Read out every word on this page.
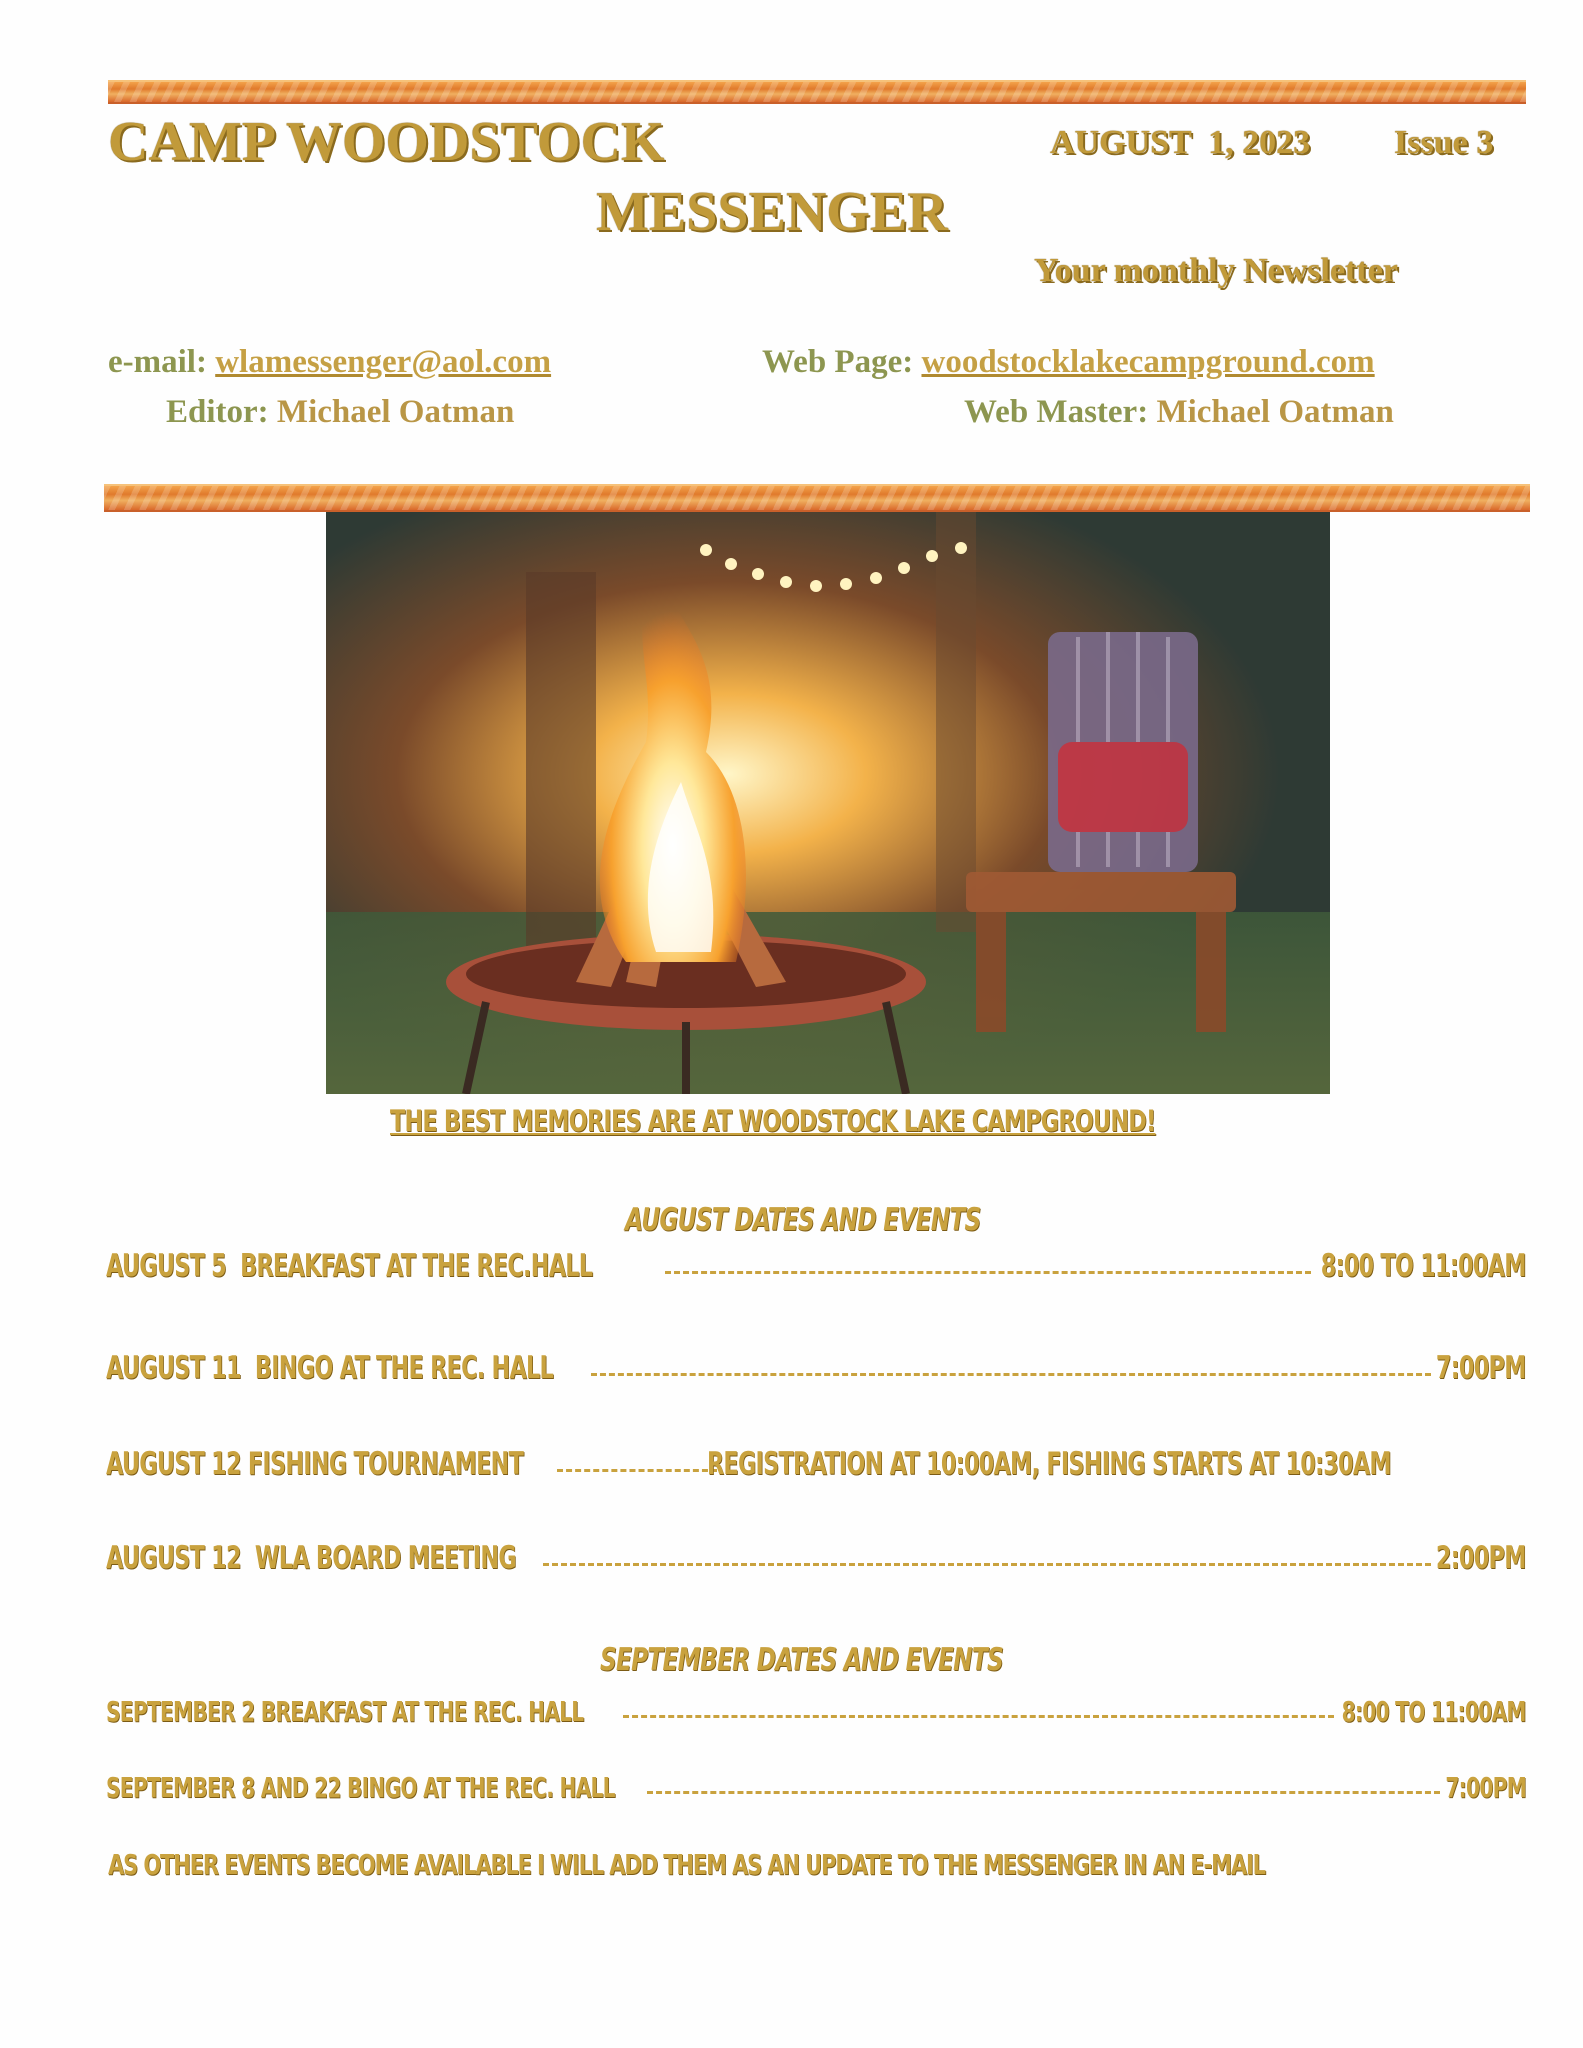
CAMP WOODSTOCK
MESSENGER
AUGUST  1, 2023 Issue 3
Your monthly Newsletter
e-mail: wlamessenger@aol.com	Web Page: woodstocklakecampground.com
Editor: Michael Oatman	Web Master: Michael Oatman
THE BEST MEMORIES ARE AT WOODSTOCK LAKE CAMPGROUND!
AUGUST DATES AND EVENTS
AUGUST 5  BREAKFAST AT THE REC.HALL	8:00 TO 11:00AM
AUGUST 11  BINGO AT THE REC. HALL	7:00PM
AUGUST 12 FISHING TOURNAMENT	REGISTRATION AT 10:00AM, FISHING STARTS AT 10:30AM
AUGUST 12  WLA BOARD MEETING	2:00PM
SEPTEMBER DATES AND EVENTS
SEPTEMBER 2 BREAKFAST AT THE REC. HALL	8:00 TO 11:00AM
SEPTEMBER 8 AND 22 BINGO AT THE REC. HALL	7:00PM

AS OTHER EVENTS BECOME AVAILABLE I WILL ADD THEM AS AN UPDATE TO THE MESSENGER IN AN E-MAIL
